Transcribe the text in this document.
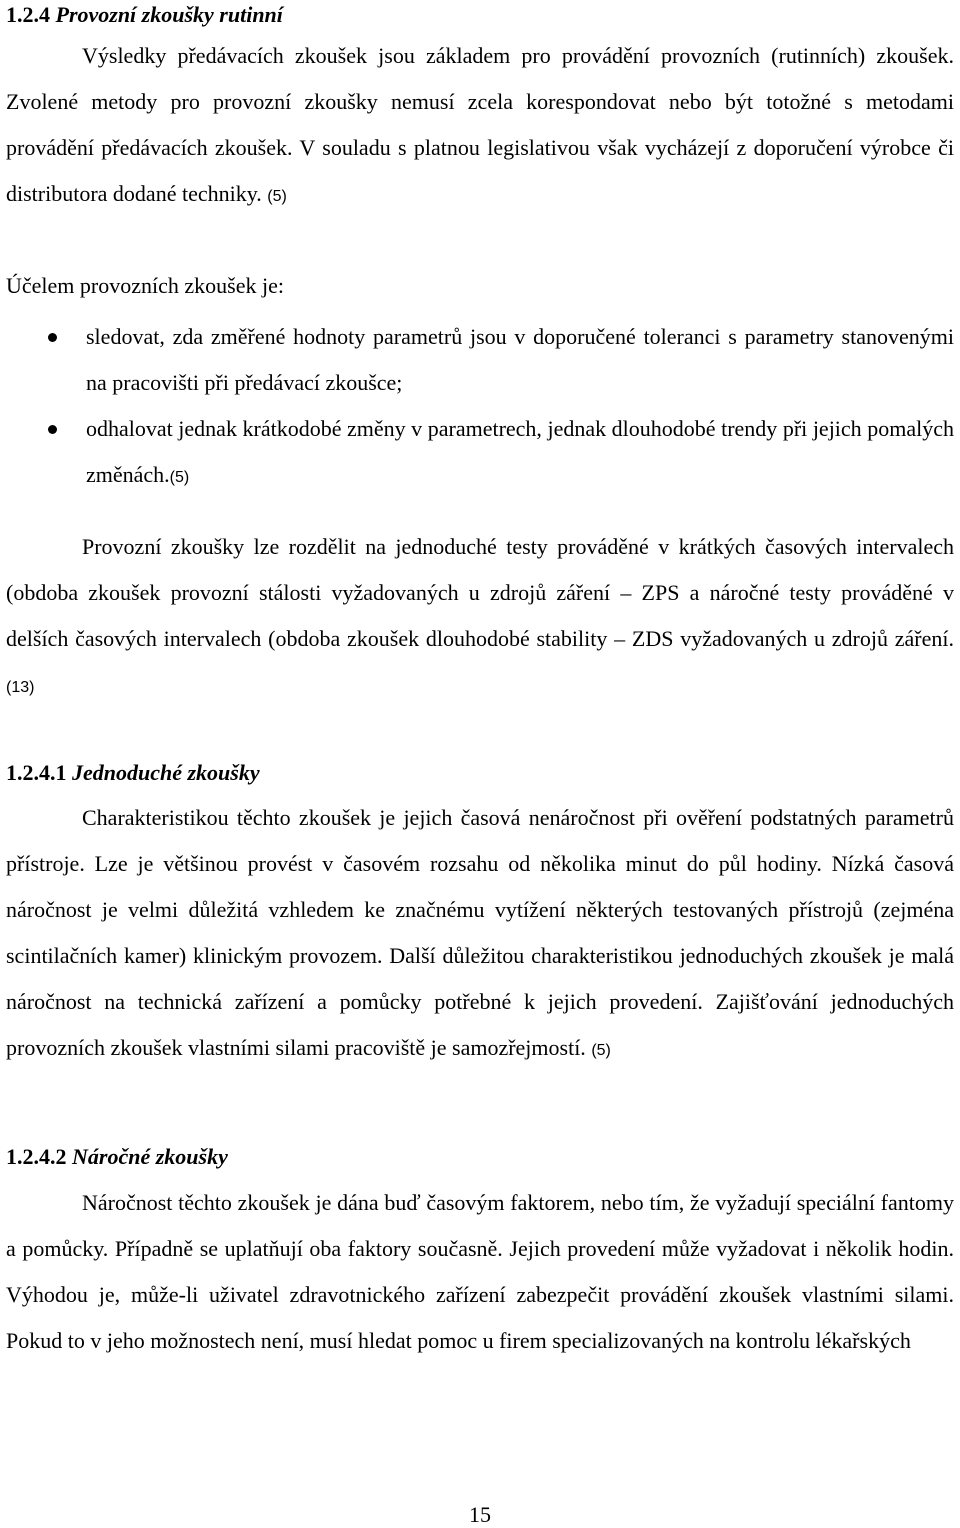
1.2.4 Provozní zkoušky rutinní
Výsledky předávacích zkoušek jsou základem pro provádění provozních (rutinních) zkoušek. Zvolené metody pro provozní zkoušky nemusí zcela korespondovat nebo být totožné s metodami provádění předávacích zkoušek. V souladu s platnou legislativou však vycházejí z doporučení výrobce či distributora dodané techniky. (5)
Účelem provozních zkoušek je:
sledovat, zda změřené hodnoty parametrů jsou v doporučené toleranci s parametry stanovenými na pracovišti při předávací zkoušce;
odhalovat jednak krátkodobé změny v parametrech, jednak dlouhodobé trendy při jejich pomalých změnách.(5)
Provozní zkoušky lze rozdělit na jednoduché testy prováděné v krátkých časových intervalech (obdoba zkoušek provozní stálosti vyžadovaných u zdrojů záření – ZPS a náročné testy prováděné v delších časových intervalech (obdoba zkoušek dlouhodobé stability – ZDS vyžadovaných u zdrojů záření. (13)
1.2.4.1 Jednoduché zkoušky
Charakteristikou těchto zkoušek je jejich časová nenáročnost při ověření podstatných parametrů přístroje. Lze je většinou provést v časovém rozsahu od několika minut do půl hodiny. Nízká časová náročnost je velmi důležitá vzhledem ke značnému vytížení některých testovaných přístrojů (zejména scintilačních kamer) klinickým provozem. Další důležitou charakteristikou jednoduchých zkoušek je malá náročnost na technická zařízení a pomůcky potřebné k jejich provedení. Zajišťování jednoduchých provozních zkoušek vlastními silami pracoviště je samozřejmostí. (5)
1.2.4.2 Náročné zkoušky
Náročnost těchto zkoušek je dána buď časovým faktorem, nebo tím, že vyžadují speciální fantomy a pomůcky. Případně se uplatňují oba faktory současně. Jejich provedení může vyžadovat i několik hodin. Výhodou je, může-li uživatel zdravotnického zařízení zabezpečit provádění zkoušek vlastními silami. Pokud to v jeho možnostech není, musí hledat pomoc u firem specializovaných na kontrolu lékařských
15
